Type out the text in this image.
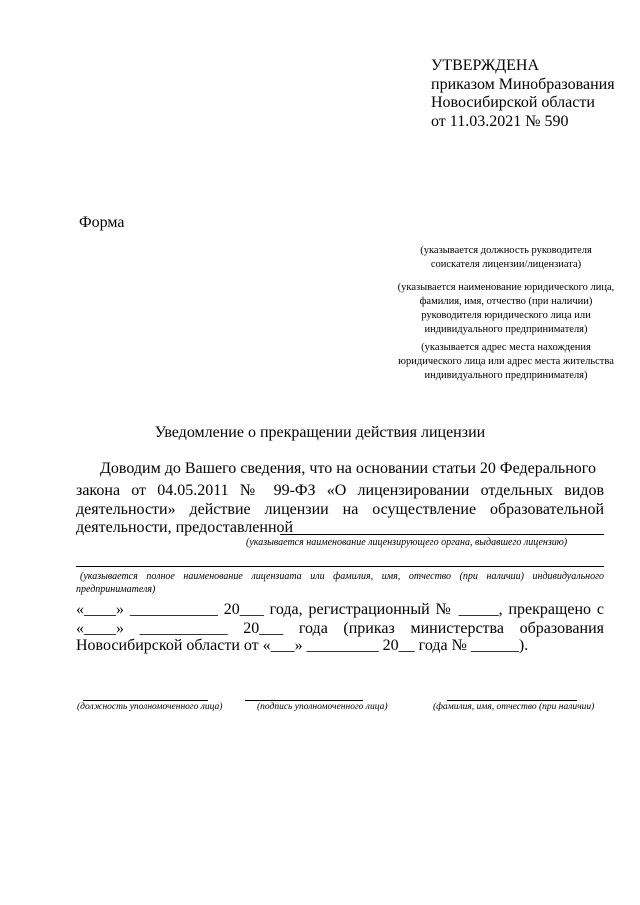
УТВЕРЖДЕНА
приказом Минобразования
Новосибирской области
от 11.03.2021 № 590
Форма
(указывается должность руководителя
соискателя лицензии/лицензиата)
(указывается наименование юридического лица,
фамилия, имя, отчество (при наличии)
руководителя юридического лица или
индивидуального предпринимателя)
(указывается адрес места нахождения
юридического лица или адрес места жительства
индивидуального предпринимателя)
Уведомление о прекращении действия лицензии
Доводим до Вашего сведения, что на основании статьи 20 Федерального
закона от 04.05.2011 № 99-ФЗ «О лицензировании отдельных видов
деятельности» действие лицензии на осуществление образовательной
деятельности, предоставленной
(указывается наименование лицензирующего органа, выдавшего лицензию)
(указывается полное наименование лицензиата или фамилия, имя, отчество (при наличии) индивидуального
предпринимателя)
«____» ___________ 20___ года, регистрационный № _____, прекращено с
«____» ___________ 20___ года (приказ министерства образования
Новосибирской области от «___» _________ 20__ года № ______).
(должность уполномоченного лица)	(подпись уполномоченного лица)	(фамилия, имя, отчество (при наличии)
